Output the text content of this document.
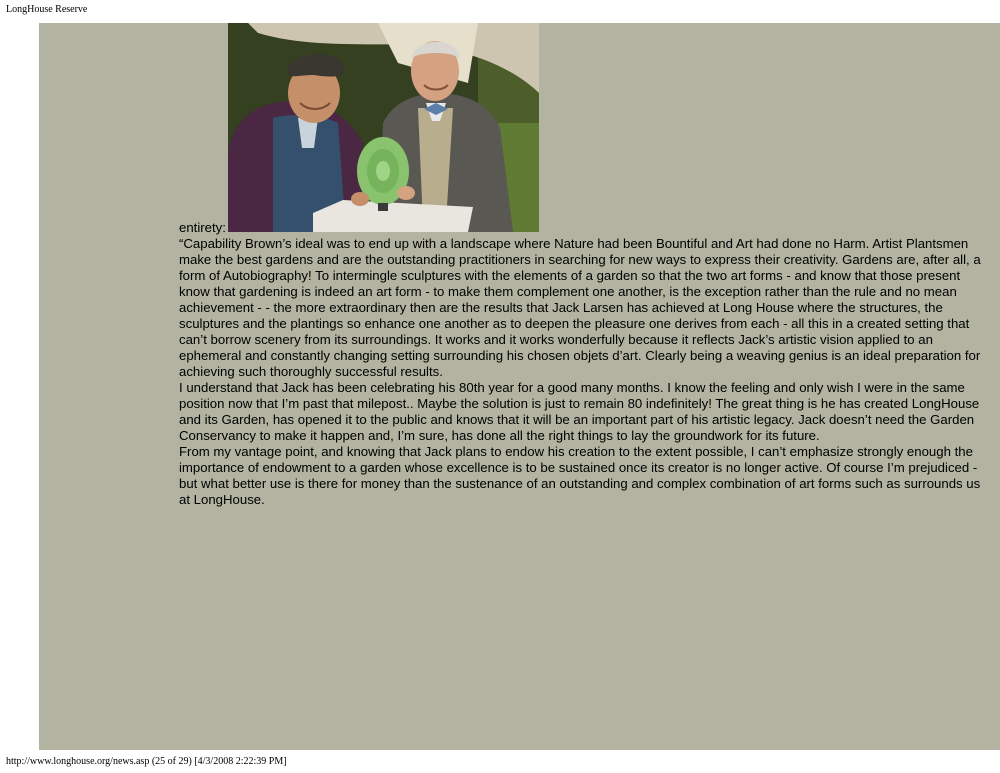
LongHouse Reserve
entirety:

“Capability Brown’s ideal was to end up with a landscape where Nature had been Bountiful and Art had done no Harm. Artist Plantsmen make the best gardens and are the outstanding practitioners in searching for new ways to express their creativity. Gardens are, after all, a form of Autobiography! To intermingle sculptures with the elements of a garden so that the two art forms - and know that those present know that gardening is indeed an art form - to make them complement one another, is the exception rather than the rule and no mean achievement - - the more extraordinary then are the results that Jack Larsen has achieved at Long House where the structures, the sculptures and the plantings so enhance one another as to deepen the pleasure one derives from each - all this in a created setting that can’t borrow scenery from its surroundings. It works and it works wonderfully because it reflects Jack’s artistic vision applied to an ephemeral and constantly changing setting surrounding his chosen objets d’art. Clearly being a weaving genius is an ideal preparation for achieving such thoroughly successful results.

I understand that Jack has been celebrating his 80th year for a good many months. I know the feeling and only wish I were in the same position now that I’m past that milepost.. Maybe the solution is just to remain 80 indefinitely! The great thing is he has created LongHouse and its Garden, has opened it to the public and knows that it will be an important part of his artistic legacy. Jack doesn’t need the Garden Conservancy to make it happen and, I’m sure, has done all the right things to lay the groundwork for its future.

From my vantage point, and knowing that Jack plans to endow his creation to the extent possible, I can’t emphasize strongly enough the importance of endowment to a garden whose excellence is to be sustained once its creator is no longer active. Of course I’m prejudiced - but what better use is there for money than the sustenance of an outstanding and complex combination of art forms such as surrounds us at LongHouse.

http://www.longhouse.org/news.asp (25 of 29) [4/3/2008 2:22:39 PM]
